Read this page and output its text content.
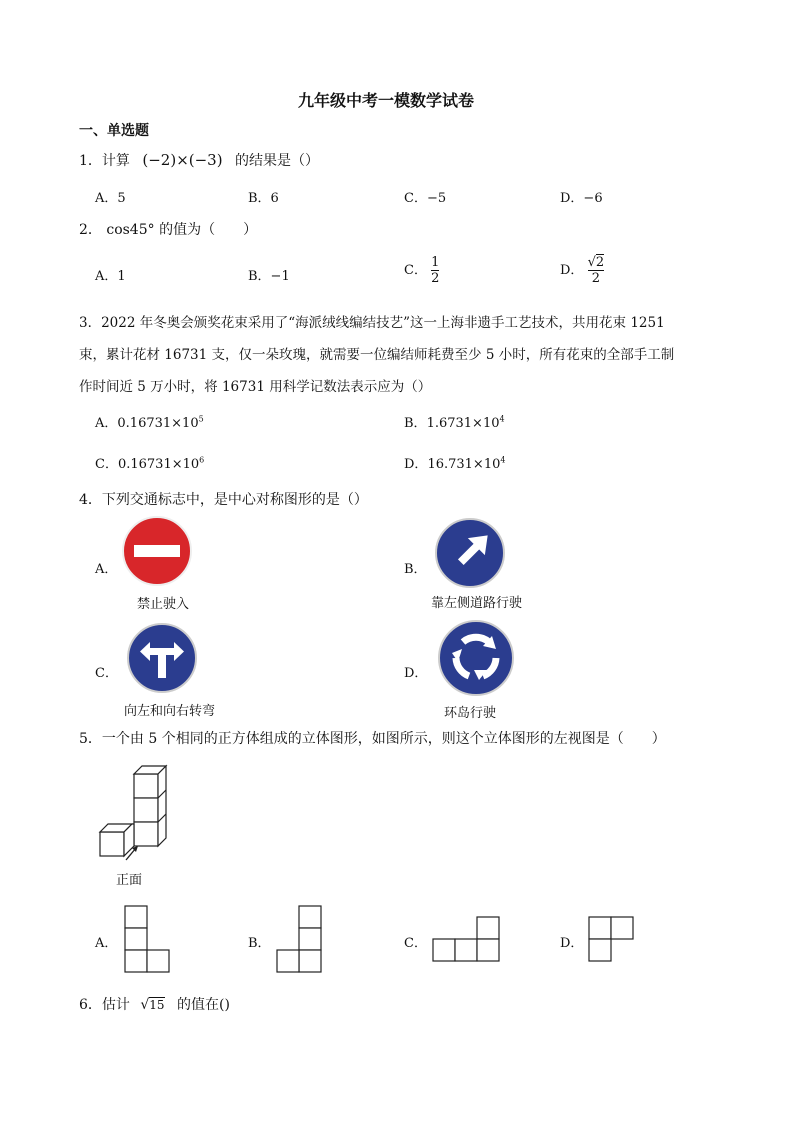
九年级中考一模数学试卷
一、单选题
1．计算 (−2)×(−3) 的结果是（）
A．5	B．6	C．−5	D．−6
2． cos45° 的值为（　　）
A．1	B．−1	C． $\frac{1}{2}$	D． $\frac{√2}{2}$
3．2022 年冬奥会颁奖花束采用了“海派绒线编结技艺”这一上海非遗手工艺技术，共用花束 1251
束，累计花材 16731 支，仅一朵玫瑰，就需要一位编结师耗费至少 5 小时，所有花束的全部手工制
作时间近 5 万小时，将 16731 用科学记数法表示应为（）
A．$0.16731\times 10^5$	B．$1.6731\times 10^4$
C．$0.16731\times 10^6$	D．$16.731\times 10^4$
4．下列交通标志中，是中心对称图形的是（）
A．
禁止驶入
B．
靠左侧道路行驶
C．
向左和向右转弯
D．
环岛行驶
5．一个由 5 个相同的正方体组成的立体图形，如图所示，则这个立体图形的左视图是（　　）
正面
A．	B．	C．	D．
6．估计 √15 的值在()
